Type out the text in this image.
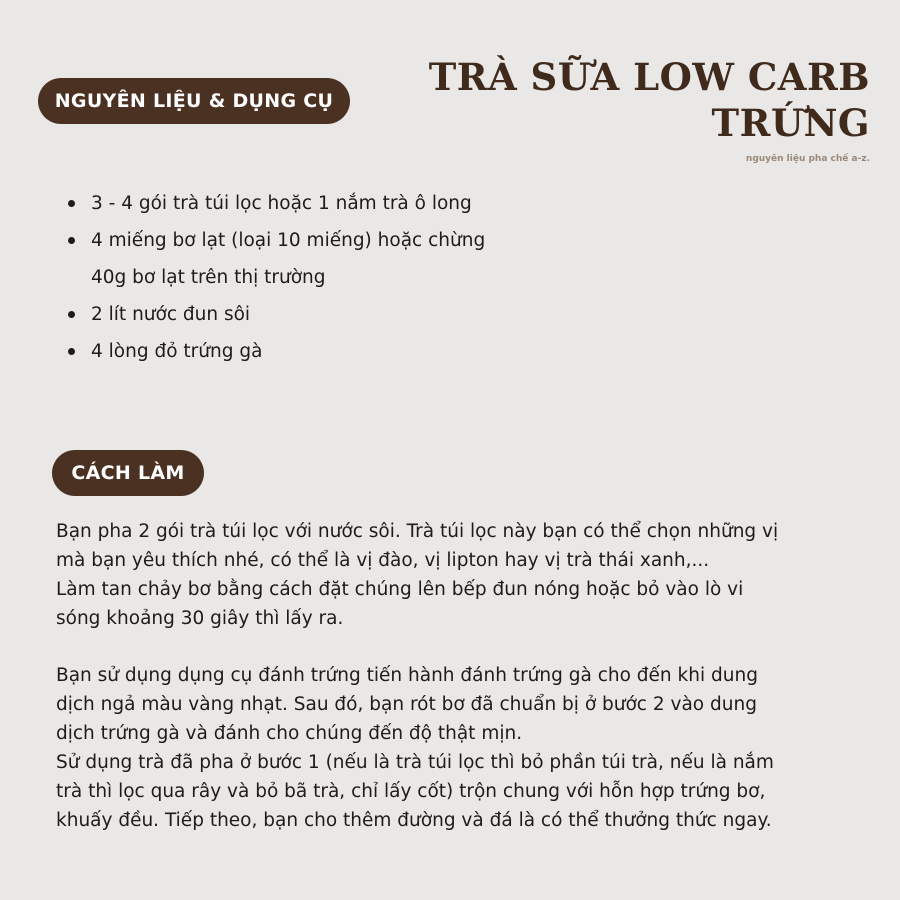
NGUYÊN LIỆU & DỤNG CỤ
TRÀ SỮA LOW CARB
TRỨNG
nguyên liệu pha chế a-z.
3 - 4 gói trà túi lọc hoặc 1 nắm trà ô long
4 miếng bơ lạt (loại 10 miếng) hoặc chừng
40g bơ lạt trên thị trường
2 lít nước đun sôi
4 lòng đỏ trứng gà
CÁCH LÀM
Bạn pha 2 gói trà túi lọc với nước sôi. Trà túi lọc này bạn có thể chọn những vị
mà bạn yêu thích nhé, có thể là vị đào, vị lipton hay vị trà thái xanh,...
Làm tan chảy bơ bằng cách đặt chúng lên bếp đun nóng hoặc bỏ vào lò vi
sóng khoảng 30 giây thì lấy ra.
Bạn sử dụng dụng cụ đánh trứng tiến hành đánh trứng gà cho đến khi dung
dịch ngả màu vàng nhạt. Sau đó, bạn rót bơ đã chuẩn bị ở bước 2 vào dung
dịch trứng gà và đánh cho chúng đến độ thật mịn.
Sử dụng trà đã pha ở bước 1 (nếu là trà túi lọc thì bỏ phần túi trà, nếu là nắm
trà thì lọc qua rây và bỏ bã trà, chỉ lấy cốt) trộn chung với hỗn hợp trứng bơ,
khuấy đều. Tiếp theo, bạn cho thêm đường và đá là có thể thưởng thức ngay.
